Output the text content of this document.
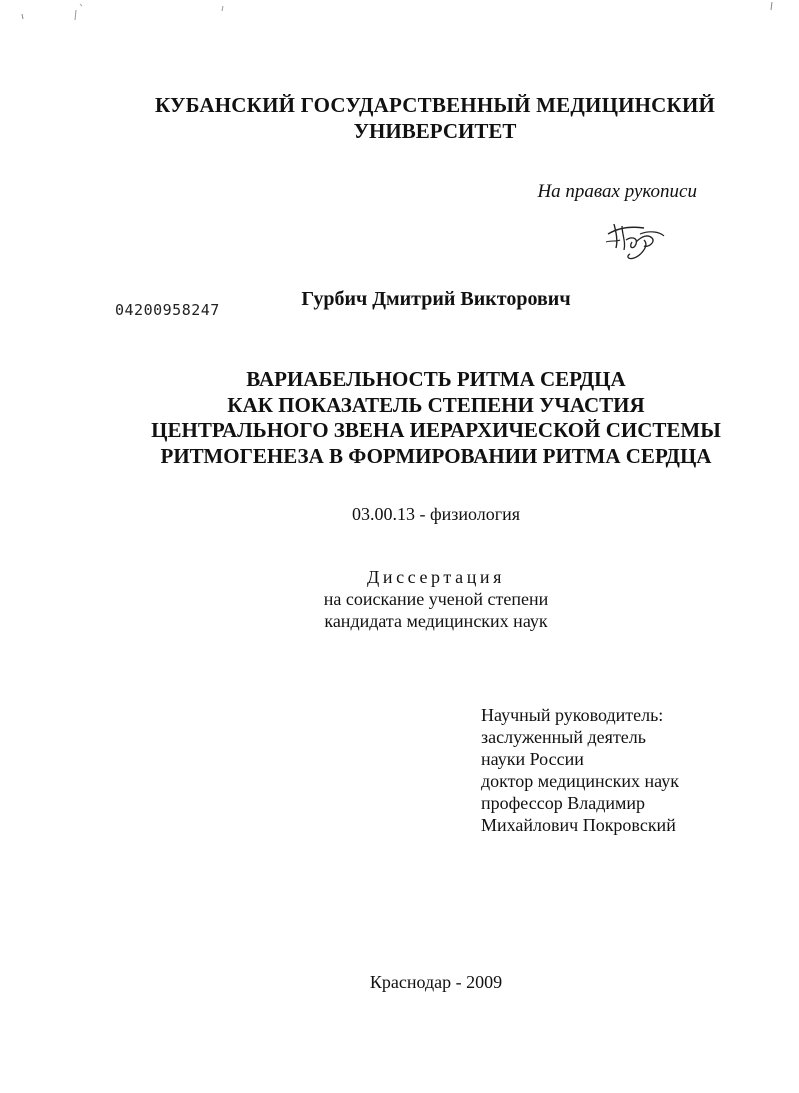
КУБАНСКИЙ ГОСУДАРСТВЕННЫЙ МЕДИЦИНСКИЙ
УНИВЕРСИТЕТ
На правах рукописи
04200958247	Гурбич Дмитрий Викторович
ВАРИАБЕЛЬНОСТЬ РИТМА СЕРДЦА
КАК ПОКАЗАТЕЛЬ СТЕПЕНИ УЧАСТИЯ
ЦЕНТРАЛЬНОГО ЗВЕНА ИЕРАРХИЧЕСКОЙ СИСТЕМЫ
РИТМОГЕНЕЗА В ФОРМИРОВАНИИ РИТМА СЕРДЦА
03.00.13 - физиология
Диссертация
на соискание ученой степени
кандидата медицинских наук
Научный руководитель:
заслуженный деятель
науки России
доктор медицинских наук
профессор Владимир
Михайлович Покровский
Краснодар - 2009
